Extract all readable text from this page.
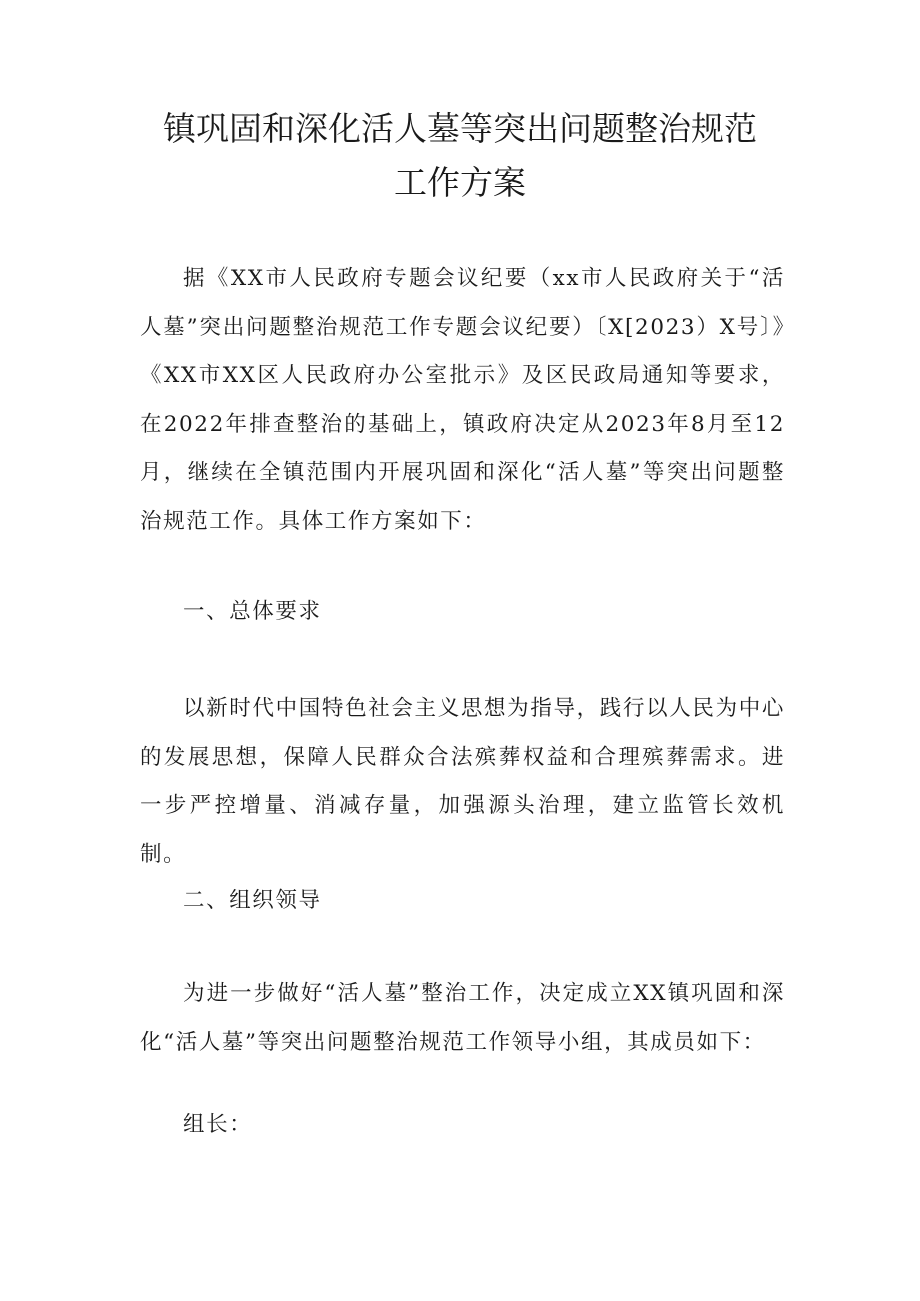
镇巩固和深化活人墓等突出问题整治规范
工作方案

据《XX市人民政府专题会议纪要（xx市人民政府关于“活人墓”突出问题整治规范工作专题会议纪要）〔X[2023）X号〕》《XX市XX区人民政府办公室批示》及区民政局通知等要求，在2022年排查整治的基础上，镇政府决定从2023年8月至12月，继续在全镇范围内开展巩固和深化“活人墓”等突出问题整治规范工作。具体工作方案如下：

一、总体要求

以新时代中国特色社会主义思想为指导，践行以人民为中心的发展思想，保障人民群众合法殡葬权益和合理殡葬需求。进一步严控增量、消减存量，加强源头治理，建立监管长效机制。

二、组织领导

为进一步做好“活人墓”整治工作，决定成立XX镇巩固和深化“活人墓”等突出问题整治规范工作领导小组，其成员如下：

组长：
